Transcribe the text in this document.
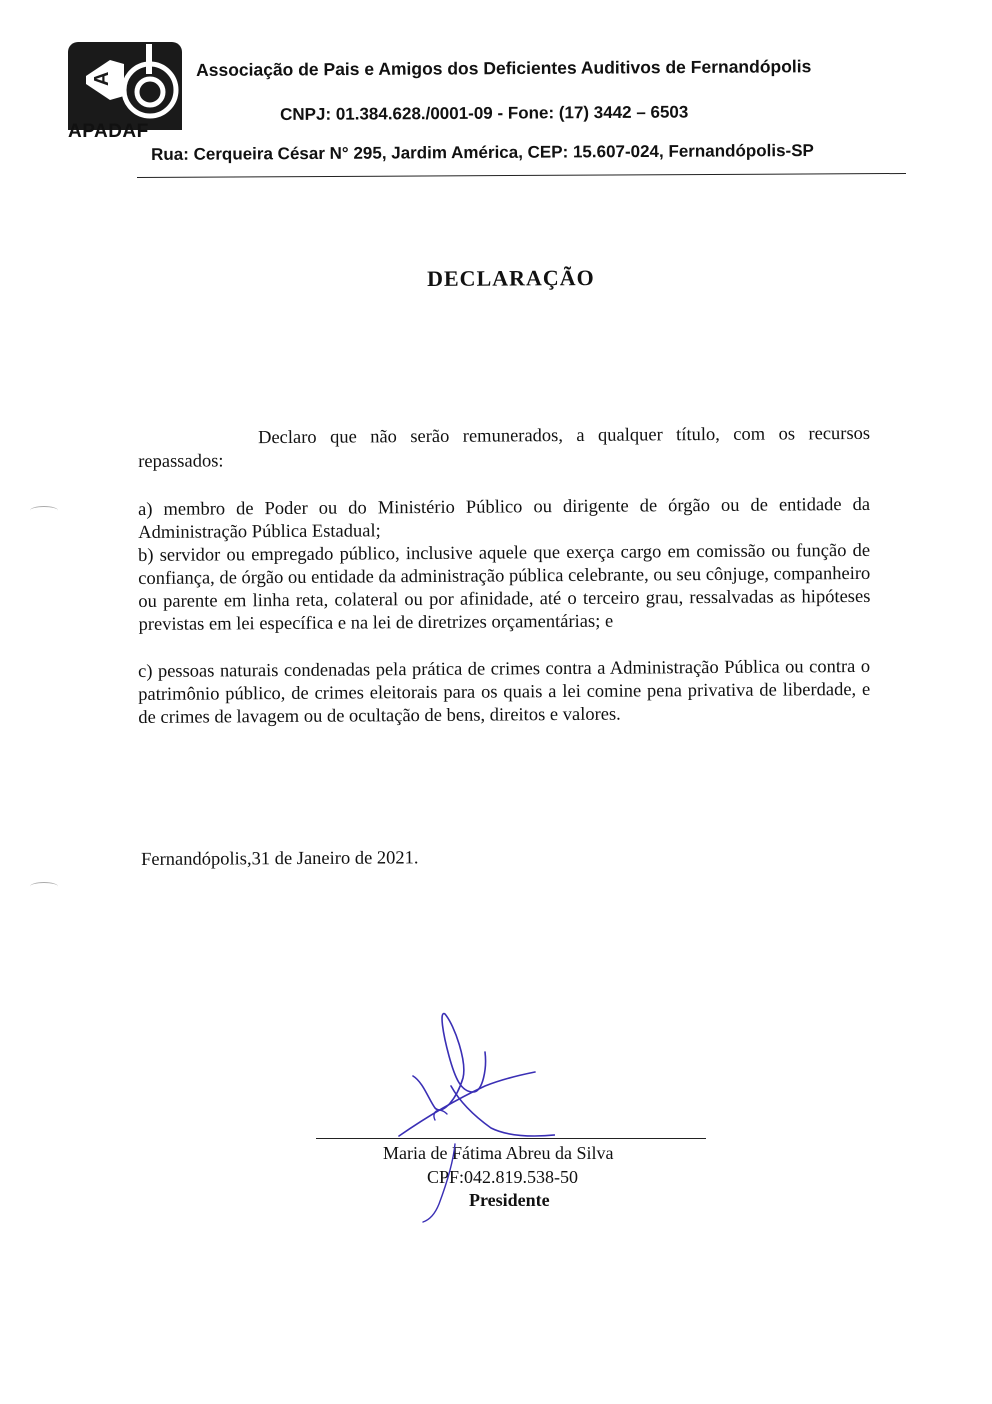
A
APADAF
Associação de Pais e Amigos dos Deficientes Auditivos de Fernandópolis
CNPJ: 01.384.628./0001-09 - Fone: (17) 3442 – 6503
Rua: Cerqueira César N° 295, Jardim América, CEP: 15.607-024, Fernandópolis-SP
DECLARAÇÃO
Declaro que não serão remunerados, a qualquer título, com os recursos repassados:
a) membro de Poder ou do Ministério Público ou dirigente de órgão ou de entidade da Administração Pública Estadual;
b) servidor ou empregado público, inclusive aquele que exerça cargo em comissão ou função de confiança, de órgão ou entidade da administração pública celebrante, ou seu cônjuge, companheiro ou parente em linha reta, colateral ou por afinidade, até o terceiro grau, ressalvadas as hipóteses previstas em lei específica e na lei de diretrizes orçamentárias; e
c) pessoas naturais condenadas pela prática de crimes contra a Administração Pública ou contra o patrimônio público, de crimes eleitorais para os quais a lei comine pena privativa de liberdade, e de crimes de lavagem ou de ocultação de bens, direitos e valores.
Fernandópolis,31 de Janeiro de 2021.
Maria de Fátima Abreu da Silva
CPF:042.819.538-50
Presidente
